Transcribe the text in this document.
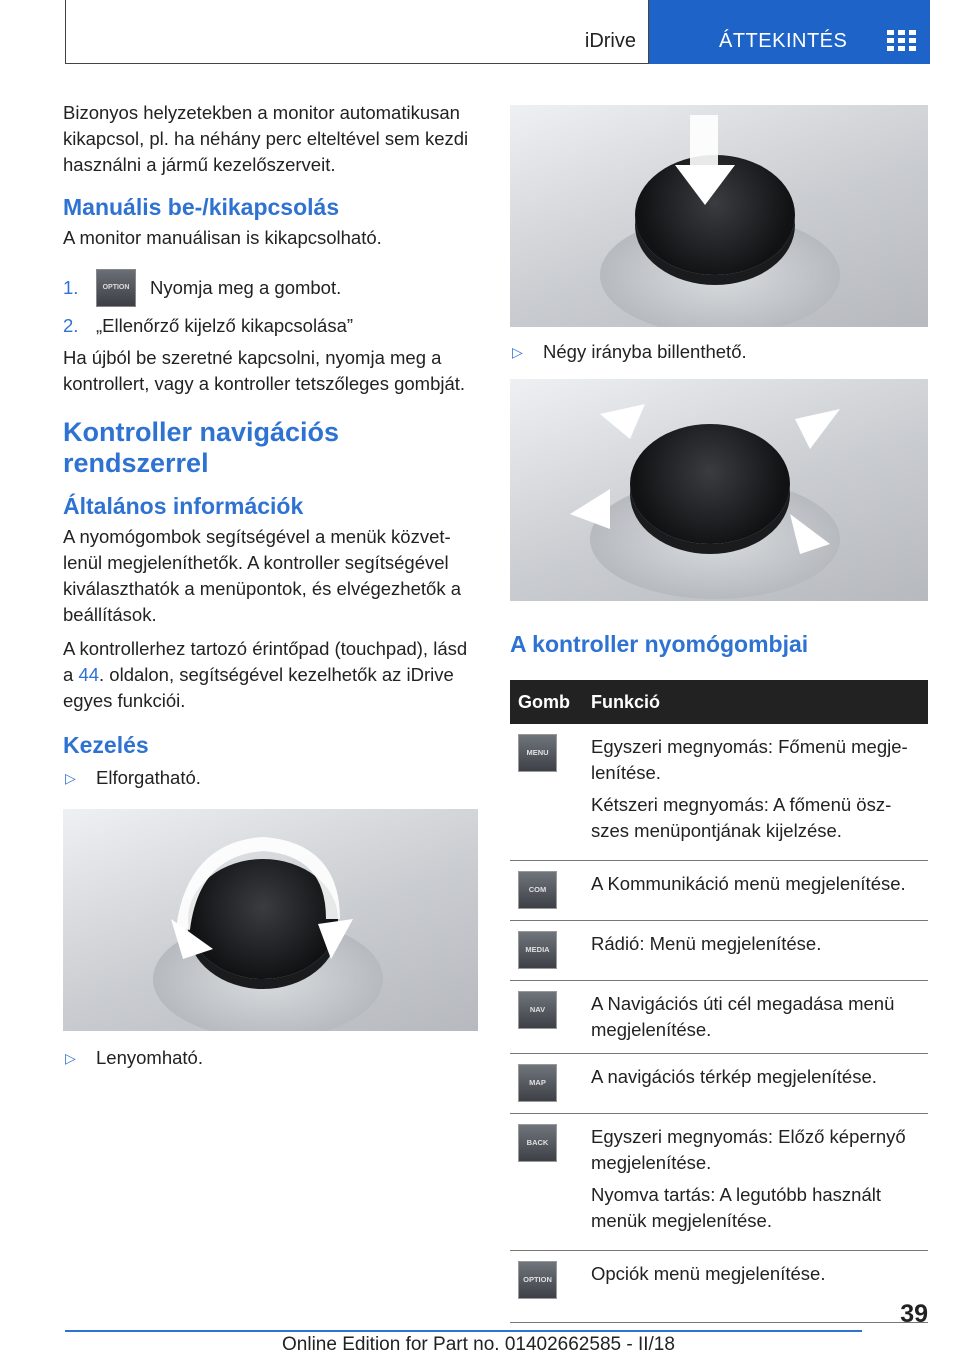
iDrive	ÁTTEKINTÉS

Bizonyos helyzetekben a monitor automatikusan kikapcsol, pl. ha néhány perc elteltével sem kezdi használni a jármű kezelőszerveit.

Manuális be-/kikapcsolás

A monitor manuálisan is kikapcsolható.

1.	OPTION	Nyomja meg a gombot.
2. „Ellenőrző kijelző kikapcsolása”

Ha újból be szeretné kapcsolni, nyomja meg a kontrollert, vagy a kontroller tetszőleges gombját.

Kontroller navigációs rendszerrel
Általános információk

A nyomógombok segítségével a menük közvetlenül megjeleníthetők. A kontroller segítségével kiválaszthatók a menüpontok, és elvégezhetők a beállítások.

A kontrollerhez tartozó érintőpad (touchpad), lásd a 44. oldalon, segítségével kezelhetők az iDrive egyes funkciói.

Kezelés
▷	Elforgatható.
▷	Lenyomható.
▷	Négy irányba billenthető.
A kontroller nyomógombjai
Gomb	Funkció
MENU	Egyszeri megnyomás: Főmenü megjelenítése.
Kétszeri megnyomás: A főmenü öszszes menüpontjának kijelzése.

COM	A Kommunikáció menü megjelenítése.

MEDIA	Rádió: Menü megjelenítése.

NAV	A Navigációs úti cél megadása menü megjelenítése.

MAP	A navigációs térkép megjelenítése.

BACK	Egyszeri megnyomás: Előző képernyő megjelenítése.
Nyomva tartás: A legutóbb használt menük megjelenítése.

OPTION	Opciók menü megjelenítése.
39
Online Edition for Part no. 01402662585 - II/18
